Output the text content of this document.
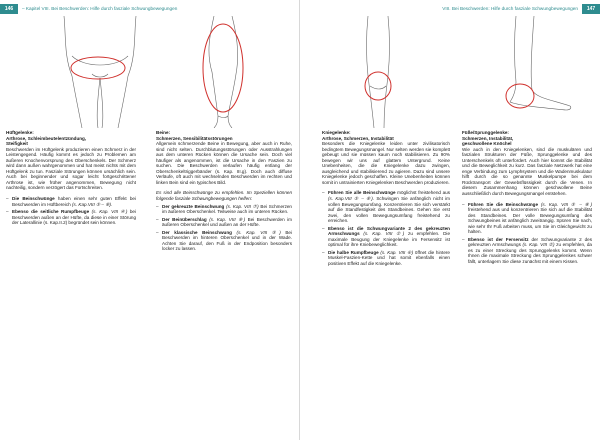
146	– Kapitel VIII. Bei Beschwerden: Hilfe durch fasziale Schwungbewegungen

Hüftgelenke:

Arthrose, Schleimbeutelentzündung,

Steifigkeit

Beschwerden im Hüftgelenk produzieren einen Schmerz in der Leistengegend. Häufig kommt es jedoch zu Problemen am äußeren Knochenvorsprung des Oberschenkels. Der Schmerz wird dann außen wahrgenommen und hat meist nichts mit dem Hüftgelenk zu tun. Fasziale Störungen können ursächlich sein. Auch bei beginnender und sogar leicht fortgeschrittener Arthrose ist, wie früher angenommen, Bewegung nicht nachteilig, sondern verzögert das Fortschreiten.

– Die Beinschwünge haben einen sehr guten Effekt bei Beschwerden im Hüftbereich (s. Kap.VIII ⑤ – ⑧).
– Ebenso die seitliche Rumpfbeuge (s. Kap. VIII ④) bei Beschwerden außen an der Hüfte, da diese in einer Störung der Laterallinie (s. Kap.II.2) begründet sein können.

Beine:

Schmerzen, Sensibilitätsstörungen

Allgemein schmerzende Beine in Bewegung, aber auch in Ruhe, sind nicht selten. Durchblutungsstörungen oder Ausstrahlungen aus dem unteren Rücken können die Ursache sein. Doch viel häufiger als angenommen, ist die Ursache in den Faszien zu suchen. Die Beschwerden verlaufen häufig entlang der Oberschenkeltriggerbänder (s. Kap. III.g). Doch auch diffuse Verläufe, oft auch mit wechselnden Beschwerden im rechten und linken Bein sind ein typisches Bild.

Es sind alle Beinschwünge zu empfehlen. Im Speziellen können folgende fasziale Schwungbewegungen helfen:

– Der gekreuzte Beinschwung (s. Kap. VIII ⑦) Bei Schmerzen im äußeren Oberschenkel. Teilweise auch im unteren Rücken.
– Der Beinüberschlag (s. Kap. VIII ⑧) Bei Beschwerden im äußeren Oberschenkel und außen an der Hüfte.
– Der klassische Beinschwung (s. Kap. VIII ⑤) Bei Beschwerden im hinteren Oberschenkel und in der Wade. Achten Sie darauf, den Fuß in der Endposition besonders locker zu lassen.
VIII. Bei Beschwerden: Hilfe durch fasziale Schwungbewegungen	147

Kniegelenke:

Arthrose, Schmerzen, Instabilität

Besonders die Kniegelenke leiden unter zivilisatorisch bedingtem Bewegungsmangel. Nur selten werden sie komplett gebeugt und sie müssen kaum noch stabilisieren. Zu 90% bewegen wir uns auf glattem Untergrund. Keine Unebenheiten, die die Kniegelenke dazu zwingen, ausgleichend und stabilisierend zu agieren. Dazu sind unsere Kniegelenke jedoch geschaffen. Kleine Unebenheiten können somit in untrainierten Kniegelenken Beschwerden produzieren.

– Führen Sie alle Beinschwünge möglichst freistehend aus (s. Kap.VIII ⑤ – ⑧). Schwingen Sie anfänglich nicht im vollen Bewegungsumfang. Konzentrieren Sie sich verstärkt auf die Standfestigkeit des Standbeines. Gehen Sie erst zwei, den vollen Bewegungsumfang freistehend zu erreichen.
– Ebenso ist die Schwungvariante 2 des gekreuzten Armschwungs (s. Kap. VIII ②) zu empfehlen. Die maximale Beugung der Kniegelenke im Fersensitz ist optimal für ihre Kniebeweglichkeit.
– Die halbe Rumpfbeuge (s. Kap. VIII ⑥) öffnet die hintere Muskel-Faszien-Kette und hat somit ebenfalls einen positiven Effekt auf die Kniegelenke.

Füße/Sprunggelenke:

Schmerzen, Instabilität,

geschwollene Knöchel

Wie auch in den Kniegelenken, sind die muskulären und faszialen Strukturen der Füße, Sprunggelenke und des Unterschenkels oft unterfordert. Auch hier kommt die Stabilität und die Beweglichkeit zu kurz. Das fasziale Netzwerk hat eine enge Verbindung zum Lymphsystem und die Wadenmuskulatur hilft durch die so genannte Muskelpumpe bei dem Rücktransport der Gewebsflüssigkeit durch die Venen. In diesem Zusammenhang können geschwollene Beine ausschließlich durch Bewegungsmangel entstehen.

– Führen Sie die Beinschwünge (s. Kap. VIII ⑤ – ⑧) freistehend aus und konzentrieren Sie sich auf die Stabilität des Standbeines. Der volle Bewegungsumfang des Schwungbeines ist anfänglich zweitrangig. Spüren Sie nach, wie sehr Ihr Fuß arbeiten muss, um Sie im Gleichgewicht zu halten.
– Ebenso ist der Fersensitz der Schwungvariante 2 des gekreuzten Armschwungs (s. Kap. VIII ②) zu empfehlen, da es zu einer Streckung des Sprunggelenks kommt. Wenn Ihnen die maximale Streckung des Sprunggelenkes schwer fällt, unterlagern Sie diese zunächst mit einem Kissen.
